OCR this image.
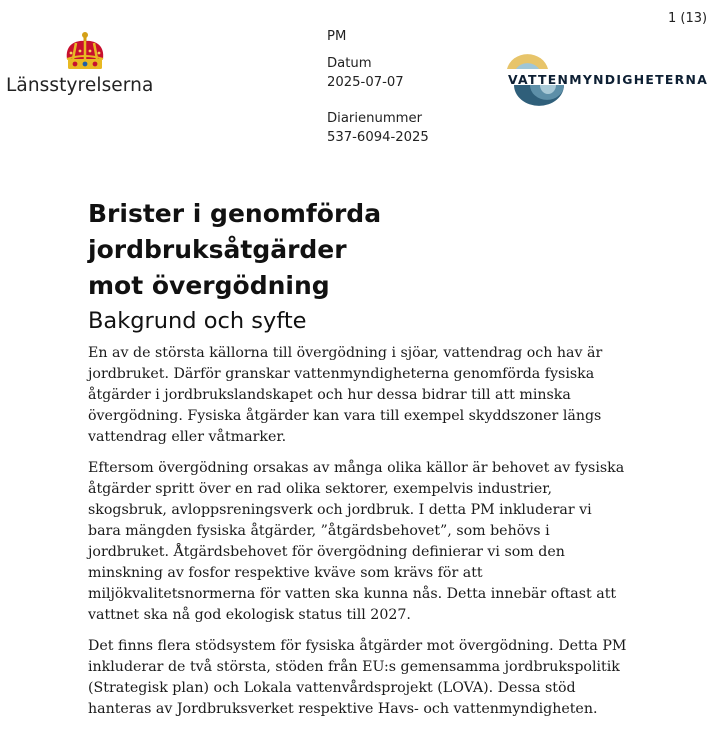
1 (13)
Länsstyrelserna
PM
Datum
2025-07-07
Diarienummer
537-6094-2025
VATTENMYNDIGHETERNA
Brister i genomförda jordbruksåtgärder
mot övergödning
Bakgrund och syfte

En av de största källorna till övergödning i sjöar, vattendrag och hav är jordbruket. Därför granskar vattenmyndigheterna genomförda fysiska åtgärder i jordbrukslandskapet och hur dessa bidrar till att minska övergödning. Fysiska åtgärder kan vara till exempel skyddszoner längs vattendrag eller våtmarker.

Eftersom övergödning orsakas av många olika källor är behovet av fysiska åtgärder spritt över en rad olika sektorer, exempelvis industrier, skogsbruk, avloppsreningsverk och jordbruk. I detta PM inkluderar vi bara mängden fysiska åtgärder, ”åtgärdsbehovet”, som behövs i jordbruket. Åtgärdsbehovet för övergödning definierar vi som den minskning av fosfor respektive kväve som krävs för att miljökvalitetsnormerna för vatten ska kunna nås. Detta innebär oftast att vattnet ska nå god ekologisk status till 2027.

Det finns flera stödsystem för fysiska åtgärder mot övergödning. Detta PM inkluderar de två största, stöden från EU:s gemensamma jordbrukspolitik (Strategisk plan) och Lokala vattenvårdsprojekt (LOVA). Dessa stöd hanteras av Jordbruksverket respektive Havs- och vattenmyndigheten.
